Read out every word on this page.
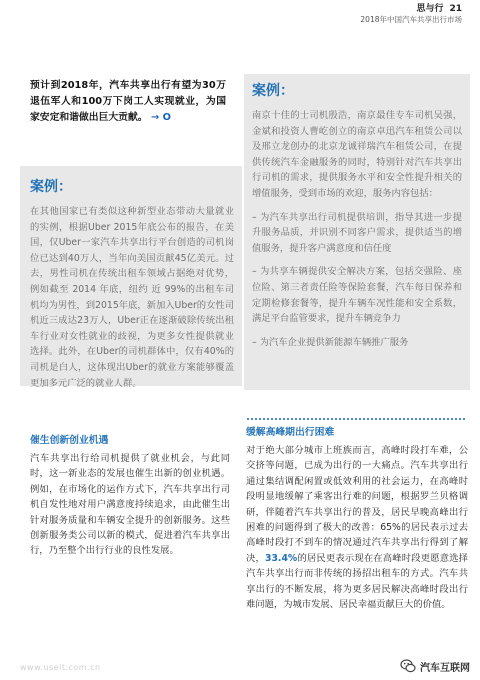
思与行 21
2018年中国汽车共享出行市场

预计到2018年，汽车共享出行有望为30万退伍军人和100万下岗工人实现就业，为国家安定和谐做出巨大贡献。 → O

案例：

在其他国家已有类似这种新型业态带动大量就业的实例，根据Uber 2015年底公布的报告，在美国，仅Uber一家汽车共享出行平台创造的司机岗位已达到40万人，当年向美国贡献45亿美元。过去，男性司机在传统出租车领域占据绝对优势，例如截至 2014 年底，纽约 近 99%的出租车司机均为男性，到2015年底，新加入Uber的女性司机近三成达23万人，Uber正在逐渐破除传统出租车行业对女性就业的歧视，为更多女性提供就业选择。此外，在Uber的司机群体中，仅有40%的司机是白人，这体现出Uber的就业方案能够覆盖更加多元广泛的就业人群。

催生创新创业机遇

汽车共享出行给司机提供了就业机会，与此同时，这一新业态的发展也催生出新的创业机遇。例如，在市场化的运作方式下，汽车共享出行司机自发性地对用户满意度持续追求，由此催生出针对服务质量和车辆安全提升的创新服务。这些创新服务类公司以新的模式，促进着汽车共享出行，乃至整个出行行业的良性发展。

案例：

南京十佳的士司机殷浩，南京最佳专车司机吴强，金斌和投资人曹屹创立的南京卓迅汽车租赁公司以及邢立龙创办的北京龙诚祥瑞汽车租赁公司，在提供传统汽车金融服务的同时，特别针对汽车共享出行司机的需求，提供服务水平和安全性提升相关的增值服务，受到市场的欢迎，服务内容包括：

– 为汽车共享出行司机提供培训，指导其进一步提升服务品质，并识别不同客户需求，提供适当的增值服务，提升客户满意度和信任度

– 为共享车辆提供安全解决方案，包括交强险、座位险、第三者责任险等保险套餐，汽车每日保养和定期检修套餐等，提升车辆车况性能和安全系数，满足平台监管要求，提升车辆竞争力

– 为汽车企业提供新能源车辆推广服务

缓解高峰期出行困难

对于绝大部分城市上班族而言，高峰时段打车难，公交挤等问题，已成为出行的一大痛点。汽车共享出行通过集结调配闲置或低效利用的社会运力，在高峰时段明显地缓解了乘客出行难的问题，根据罗兰贝格调研，伴随着汽车共享出行的普及，居民早晚高峰出行困难的问题得到了极大的改善：65%的居民表示过去高峰时段打不到车的情况通过汽车共享出行得到了解决，33.4%的居民更表示现在在高峰时段更愿意选择汽车共享出行而非传统的扬招出租车的方式。汽车共享出行的不断发展，将为更多居民解决高峰时段出行难问题，为城市发展、居民幸福贡献巨大的价值。

www.useit.com.cn	汽车互联网
